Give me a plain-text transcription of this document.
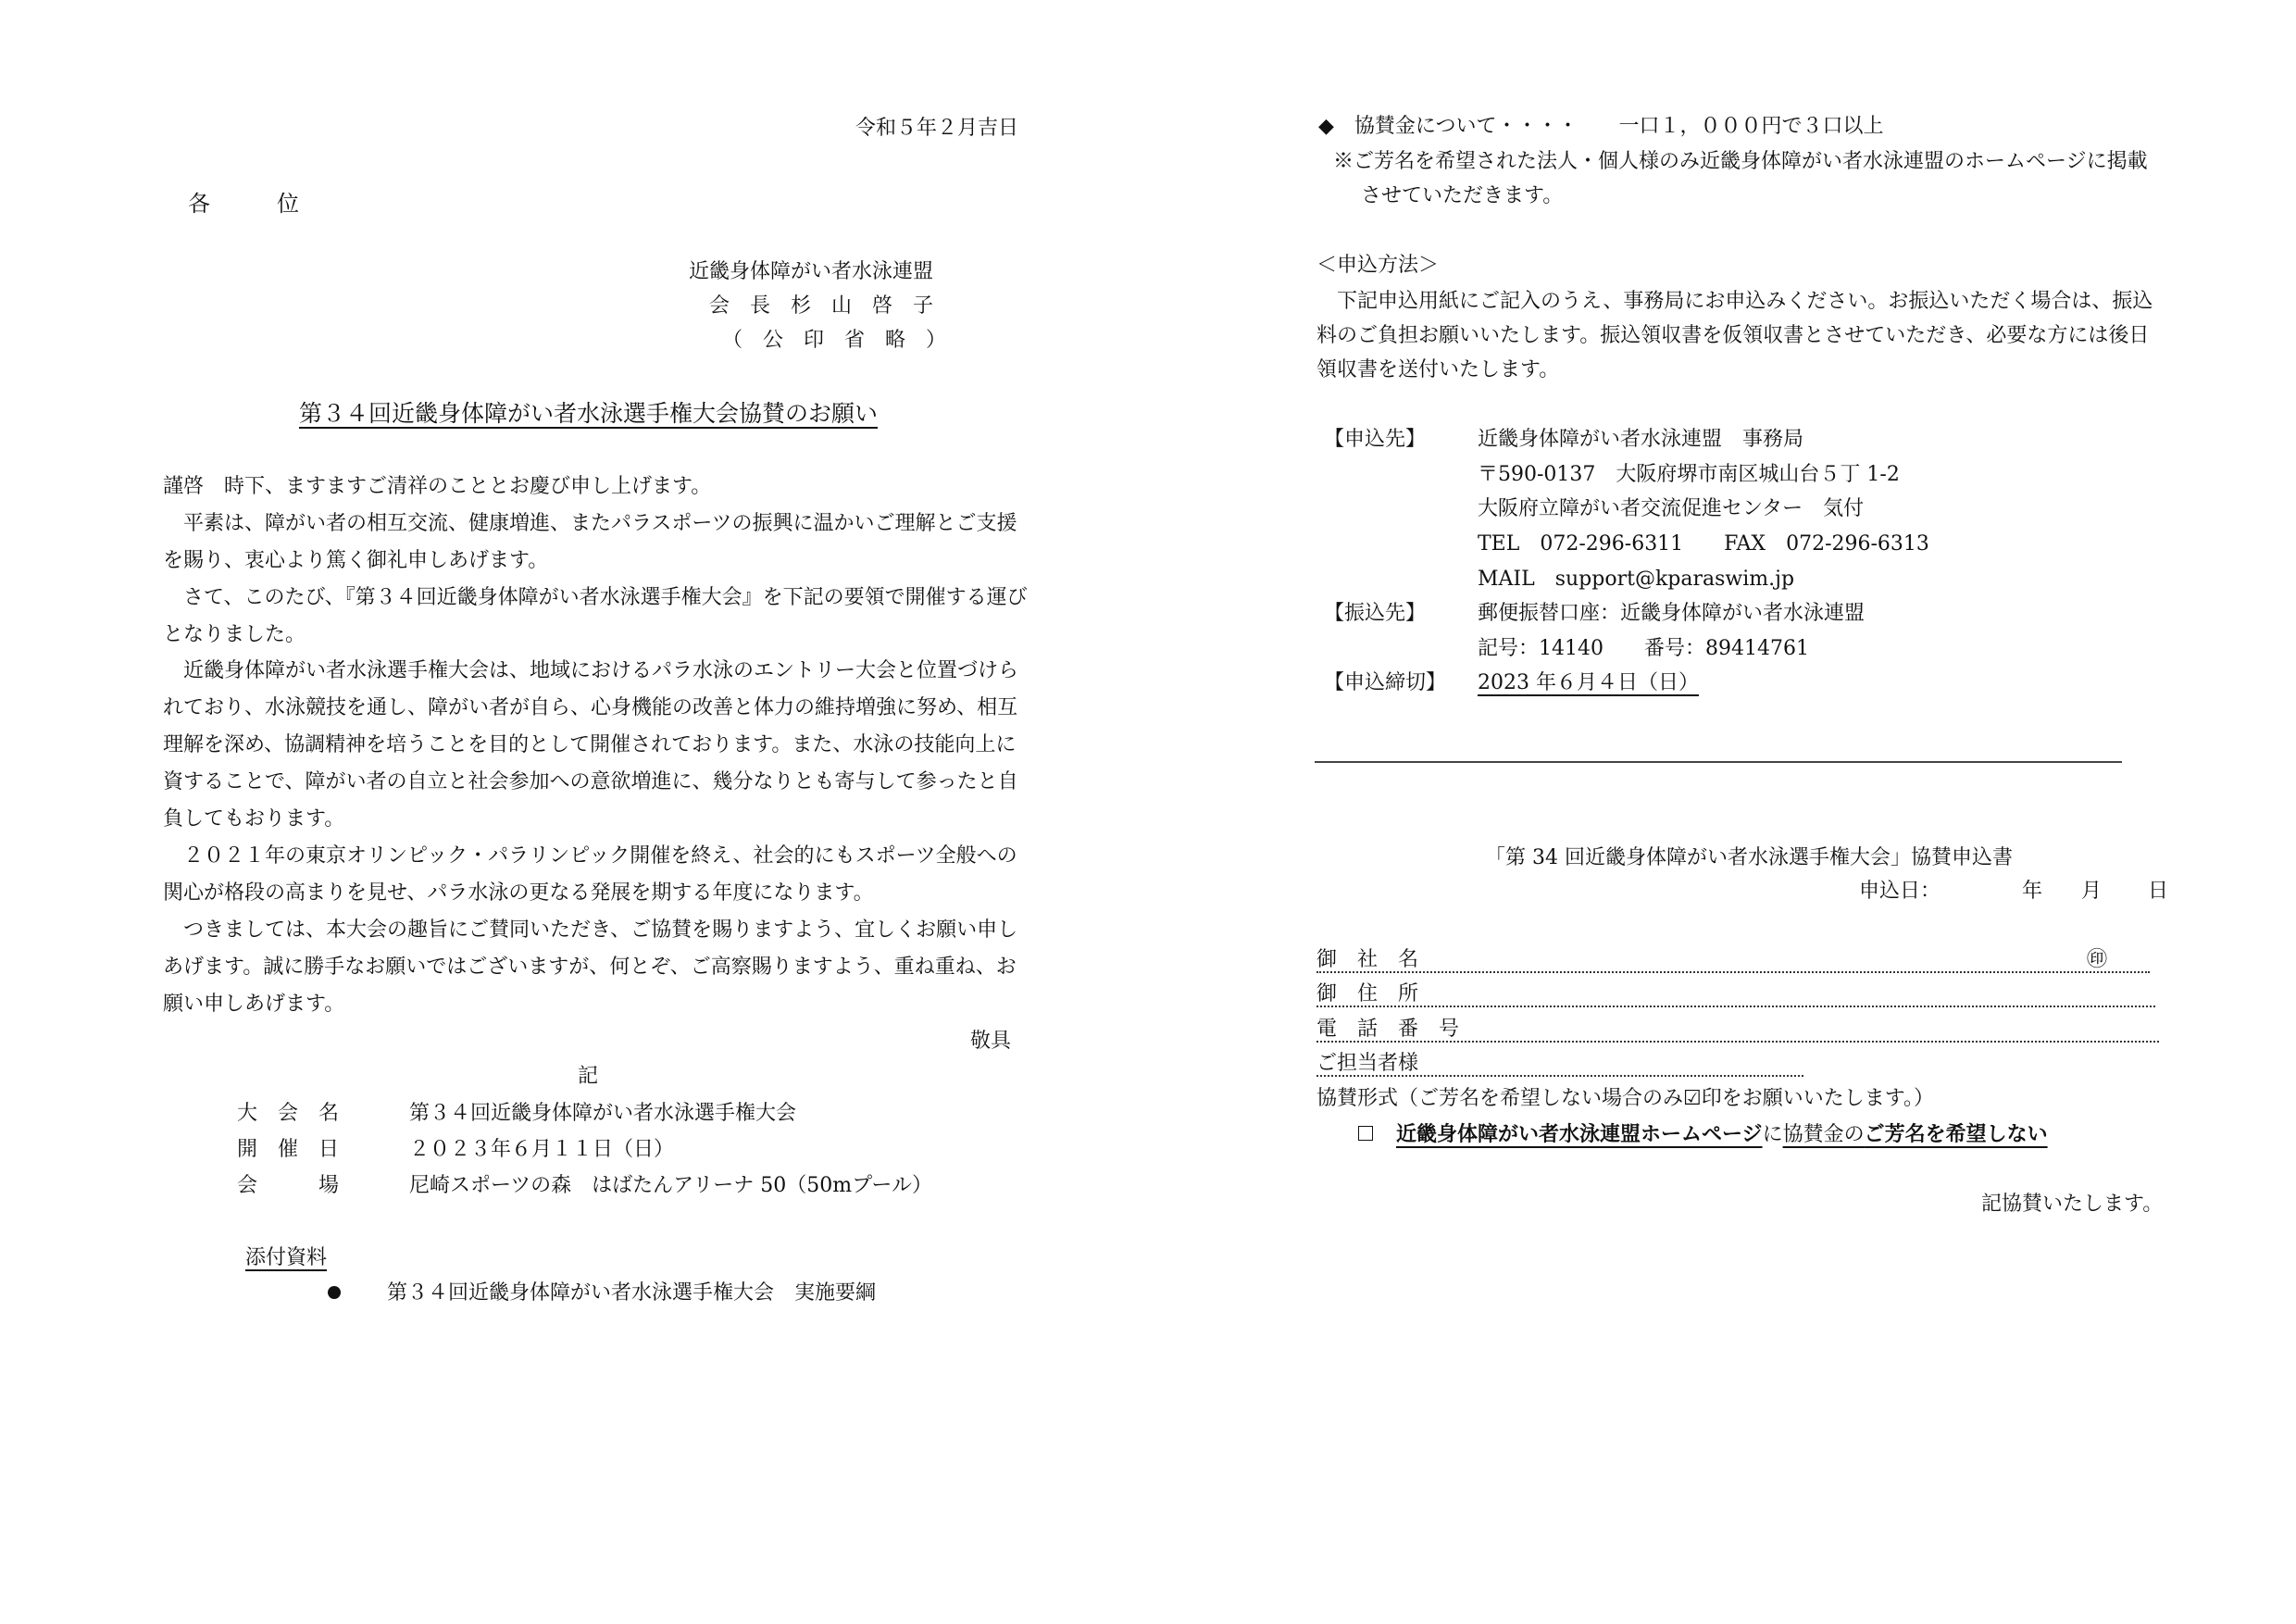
令和５年２月吉日
各　　　位
近畿身体障がい者水泳連盟
会　長　杉　山　啓　子
（　公　印　省　略　）
第３４回近畿身体障がい者水泳選手権大会協賛のお願い
謹啓　時下、ますますご清祥のこととお慶び申し上げます。
　平素は、障がい者の相互交流、健康増進、またパラスポーツの振興に温かいご理解とご支援
を賜り、衷心より篤く御礼申しあげます。
　さて、このたび、『第３４回近畿身体障がい者水泳選手権大会』を下記の要領で開催する運び
となりました。
　近畿身体障がい者水泳選手権大会は、地域におけるパラ水泳のエントリー大会と位置づけら
れており、水泳競技を通し、障がい者が自ら、心身機能の改善と体力の維持増強に努め、相互
理解を深め、協調精神を培うことを目的として開催されております。また、水泳の技能向上に
資することで、障がい者の自立と社会参加への意欲増進に、幾分なりとも寄与して参ったと自
負してもおります。
　２０２１年の東京オリンピック・パラリンピック開催を終え、社会的にもスポーツ全般への
関心が格段の高まりを見せ、パラ水泳の更なる発展を期する年度になります。
　つきましては、本大会の趣旨にご賛同いただき、ご協賛を賜りますよう、宜しくお願い申し
あげます。誠に勝手なお願いではございますが、何とぞ、ご高察賜りますよう、重ね重ね、お
願い申しあげます。
敬具
記
大　会　名	第３４回近畿身体障がい者水泳選手権大会
開　催　日	２０２３年６月１１日（日）
会　　　場	尼崎スポーツの森　はばたんアリーナ 50（50mプール）
添付資料
第３４回近畿身体障がい者水泳選手権大会　実施要綱
◆　協賛金について・・・・　　一口１，０００円で３口以上
※ご芳名を希望された法人・個人様のみ近畿身体障がい者水泳連盟のホームページに掲載
させていただきます。
＜申込方法＞
　下記申込用紙にご記入のうえ、事務局にお申込みください。お振込いただく場合は、振込
料のご負担お願いいたします。振込領収書を仮領収書とさせていただき、必要な方には後日
領収書を送付いたします。
【申込先】	近畿身体障がい者水泳連盟　事務局
〒590-0137　大阪府堺市南区城山台５丁 1-2
大阪府立障がい者交流促進センター　気付
TEL　072-296-6311　　FAX　072-296-6313
MAIL　support@kparaswim.jp
【振込先】	郵便振替口座：近畿身体障がい者水泳連盟
記号：14140　　番号：89414761
【申込締切】 2023 年６月４日（日）
「第 34 回近畿身体障がい者水泳選手権大会」協賛申込書
申込日：	年 月 日
御　社　名	㊞
御　住　所
電　話　番　号
ご担当者様
協賛形式（ご芳名を希望しない場合のみ☑印をお願いいたします。）
近畿身体障がい者水泳連盟ホームページに協賛金のご芳名を希望しない
記協賛いたします。
